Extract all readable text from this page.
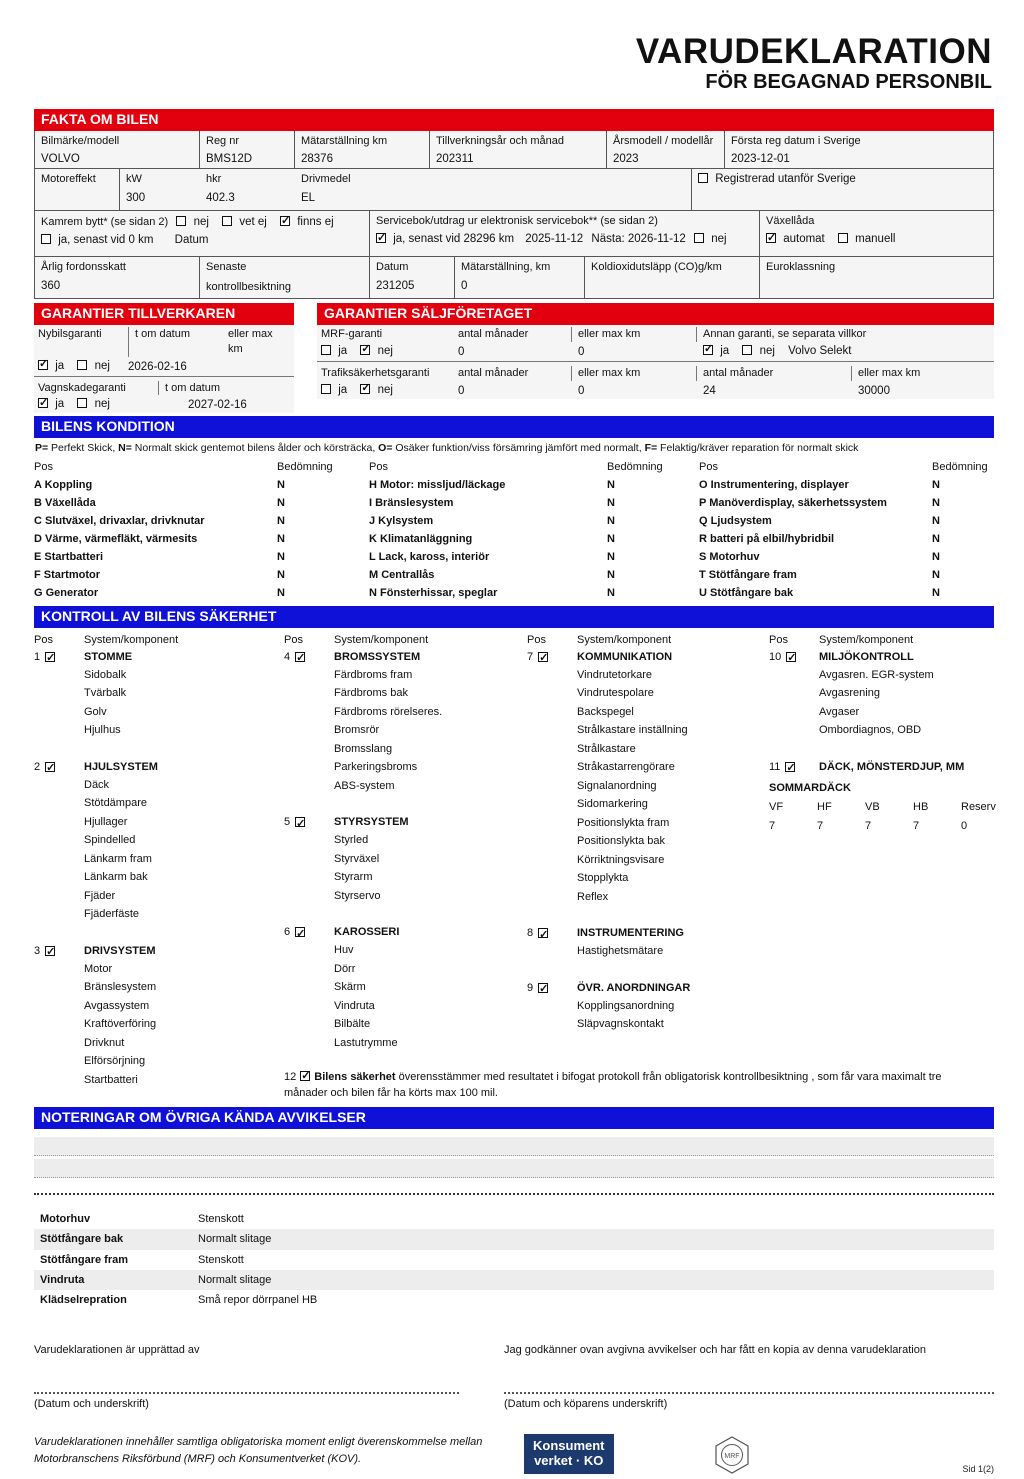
VARUDEKLARATION
FÖR BEGAGNAD PERSONBIL
FAKTA OM BILEN
Bilmärke/modell
VOLVO
Reg nr
BMS12D
Mätarställning km
28376
Tillverkningsår och månad
202311
Årsmodell / modellår
2023
Första reg datum i Sverige
2023-12-01
Motoreffekt	kW
300
hkr
402.3
Drivmedel
EL
Registrerad utanför Sverige
Kamrem bytt* (se sidan 2) nej	vet ej ✓	finns ej
ja, senast vid 0 km Datum
Servicebok/utdrag ur elektronisk servicebok** (se sidan 2)
✓ ja, senast vid 28296 km 2025-11-12 Nästa: 2026-11-12 nej
Växellåda
✓ automat	manuell
Årlig fordonsskatt
360
Senaste
kontrollbesiktning
Datum
231205
Mätarställning, km
0
Koldioxidutsläpp (CO)g/km	Euroklassning
GARANTIER TILLVERKAREN
Nybilsgaranti	t om datum	eller max km
✓ ja	nej	2026-02-16
Vagnskadegaranti	t om datum
✓ ja	nej	2027-02-16
GARANTIER SÄLJFÖRETAGET
MRF-garanti	antal månader	eller max km	Annan garanti, se separata villkor
ja ✓	nej	0	0 ✓	ja	nej Volvo Selekt
Trafiksäkerhetsgaranti	antal månader	eller max km	antal månader	eller max km
ja ✓	nej	0	0	24	30000
BILENS KONDITION
P= Perfekt Skick, N= Normalt skick gentemot bilens ålder och körsträcka, O= Osäker funktion/viss försämring jämfört med normalt, F= Felaktig/kräver reparation för normalt skick
Pos	Bedömning
A Koppling	N
B Växellåda	N
C Slutväxel, drivaxlar, drivknutar	N
D Värme, värmefläkt, värmesits	N
E Startbatteri	N
F Startmotor	N
G Generator	N
Pos	Bedömning
H Motor: missljud/läckage	N
I Bränslesystem	N
J Kylsystem	N
K Klimatanläggning	N
L Lack, kaross, interiör	N
M Centrallås	N
N Fönsterhissar, speglar	N
Pos	Bedömning
O Instrumentering, displayer	N
P Manöverdisplay, säkerhetssystem	N
Q Ljudsystem	N
R batteri på elbil/hybridbil	N
S Motorhuv	N
T Stötfångare fram	N
U Stötfångare bak	N
KONTROLL AV BILENS SÄKERHET
Pos	System/komponent
1 ✓	STOMME
Sidobalk
Tvärbalk
Golv
Hjulhus
2 ✓	HJULSYSTEM
Däck
Stötdämpare
Hjullager
Spindelled
Länkarm fram
Länkarm bak
Fjäder
Fjäderfäste
3 ✓	DRIVSYSTEM
Motor
Bränslesystem
Avgassystem
Kraftöverföring
Drivknut
Elförsörjning
Startbatteri
Pos	System/komponent
4 ✓	BROMSSYSTEM
Färdbroms fram
Färdbroms bak
Färdbroms rörelseres.
Bromsrör
Bromsslang
Parkeringsbroms
ABS-system
5 ✓	STYRSYSTEM
Styrled
Styrväxel
Styrarm
Styrservo
6 ✓	KAROSSERI
Huv
Dörr
Skärm
Vindruta
Bilbälte
Lastutrymme
12 ✓ Bilens säkerhet överensstämmer med resultatet i bifogat protokoll från obligatorisk kontrollbesiktning , som får vara maximalt tre månader och bilen får ha körts max 100 mil.
Pos	System/komponent
7 ✓	KOMMUNIKATION
Vindrutetorkare
Vindrutespolare
Backspegel
Strålkastare inställning
Strålkastare
Stråkastarrengörare
Signalanordning
Sidomarkering
Positionslykta fram
Positionslykta bak
Körriktningsvisare
Stopplykta
Reflex
8 ✓	INSTRUMENTERING
Hastighetsmätare
9 ✓	ÖVR. ANORDNINGAR
Kopplingsanordning
Släpvagnskontakt
Pos	System/komponent
10 ✓	MILJÖKONTROLL
Avgasren. EGR-system
Avgasrening
Avgaser
Ombordiagnos, OBD
11 ✓	DÄCK, MÖNSTERDJUP, MM
SOMMARDÄCK
VF	HF	VB	HB	Reserv
7	7	7	7	0
NOTERINGAR OM ÖVRIGA KÄNDA AVVIKELSER
Motorhuv	Stenskott
Stötfångare bak	Normalt slitage
Stötfångare fram	Stenskott
Vindruta	Normalt slitage
Klädselrepration	Små repor dörrpanel HB
Varudeklarationen är upprättad av
(Datum och underskrift)
Jag godkänner ovan avgivna avvikelser och har fått en kopia av denna varudeklaration
(Datum och köparens underskrift)
Varudeklarationen innehåller samtliga obligatoriska moment enligt överenskommelse mellan Motorbranschens Riksförbund (MRF) och Konsumentverket (KOV).
Konsument
verket · KO	MRF
Sid 1(2)
